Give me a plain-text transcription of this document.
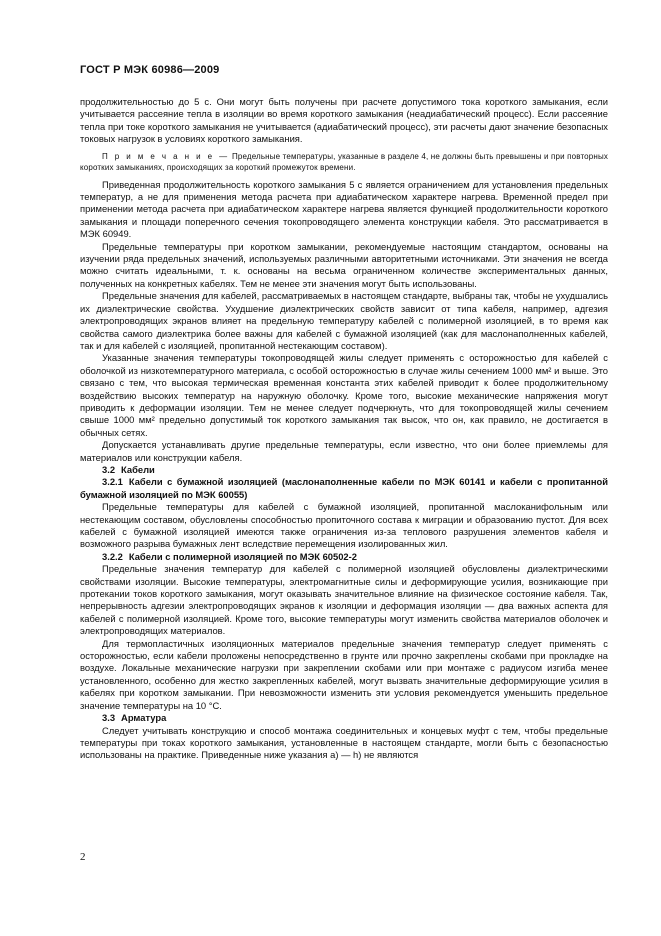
ГОСТ Р МЭК 60986—2009

продолжительностью до 5 с. Они могут быть получены при расчете допустимого тока короткого замыкания, если учитывается рассеяние тепла в изоляции во время короткого замыкания (неадиабатический процесс). Если рассеяние тепла при токе короткого замыкания не учитывается (адиабатический процесс), эти расчеты дают значение безопасных токовых нагрузок в условиях короткого замыкания.

П р и м е ч а н и е — Предельные температуры, указанные в разделе 4, не должны быть превышены и при повторных коротких замыканиях, происходящих за короткий промежуток времени.

Приведенная продолжительность короткого замыкания 5 с является ограничением для установления предельных температур, а не для применения метода расчета при адиабатическом характере нагрева. Временной предел при применении метода расчета при адиабатическом характере нагрева является функцией продолжительности короткого замыкания и площади поперечного сечения токопроводящего элемента конструкции кабеля. Это рассматривается в МЭК 60949.

Предельные температуры при коротком замыкании, рекомендуемые настоящим стандартом, основаны на изучении ряда предельных значений, используемых различными авторитетными источниками. Эти значения не всегда можно считать идеальными, т. к. основаны на весьма ограниченном количестве экспериментальных данных, полученных на конкретных кабелях. Тем не менее эти значения могут быть использованы.

Предельные значения для кабелей, рассматриваемых в настоящем стандарте, выбраны так, чтобы не ухудшались их диэлектрические свойства. Ухудшение диэлектрических свойств зависит от типа кабеля, например, адгезия электропроводящих экранов влияет на предельную температуру кабелей с полимерной изоляцией, в то время как свойства самого диэлектрика более важны для кабелей с бумажной изоляцией (как для маслонаполненных кабелей, так и для кабелей с изоляцией, пропитанной нестекающим составом).

Указанные значения температуры токопроводящей жилы следует применять с осторожностью для кабелей с оболочкой из низкотемпературного материала, с особой осторожностью в случае жилы сечением 1000 мм² и выше. Это связано с тем, что высокая термическая временная константа этих кабелей приводит к более продолжительному воздействию высоких температур на наружную оболочку. Кроме того, высокие механические напряжения могут приводить к деформации изоляции. Тем не менее следует подчеркнуть, что для токопроводящей жилы сечением свыше 1000 мм² предельно допустимый ток короткого замыкания так высок, что он, как правило, не достигается в обычных сетях.

Допускается устанавливать другие предельные температуры, если известно, что они более приемлемы для материалов или конструкции кабеля.

3.2 Кабели

3.2.1 Кабели с бумажной изоляцией (маслонаполненные кабели по МЭК 60141 и кабели с пропитанной бумажной изоляцией по МЭК 60055)

Предельные температуры для кабелей с бумажной изоляцией, пропитанной маслоканифольным или нестекающим составом, обусловлены способностью пропиточного состава к миграции и образованию пустот. Для всех кабелей с бумажной изоляцией имеются также ограничения из-за теплового разрушения элементов кабеля и возможного разрыва бумажных лент вследствие перемещения изолированных жил.

3.2.2 Кабели с полимерной изоляцией по МЭК 60502-2

Предельные значения температур для кабелей с полимерной изоляцией обусловлены диэлектрическими свойствами изоляции. Высокие температуры, электромагнитные силы и деформирующие усилия, возникающие при протекании токов короткого замыкания, могут оказывать значительное влияние на физическое состояние кабеля. Так, непрерывность адгезии электропроводящих экранов к изоляции и деформация изоляции — два важных аспекта для кабелей с полимерной изоляцией. Кроме того, высокие температуры могут изменить свойства материалов оболочек и электропроводящих материалов.

Для термопластичных изоляционных материалов предельные значения температур следует применять с осторожностью, если кабели проложены непосредственно в грунте или прочно закреплены скобами при прокладке на воздухе. Локальные механические нагрузки при закреплении скобами или при монтаже с радиусом изгиба менее установленного, особенно для жестко закрепленных кабелей, могут вызвать значительные деформирующие усилия в кабелях при коротком замыкании. При невозможности изменить эти условия рекомендуется уменьшить предельное значение температуры на 10 °С.

3.3 Арматура

Следует учитывать конструкцию и способ монтажа соединительных и концевых муфт с тем, чтобы предельные температуры при токах короткого замыкания, установленные в настоящем стандарте, могли быть с безопасностью использованы на практике. Приведенные ниже указания а) — h) не являются

2
